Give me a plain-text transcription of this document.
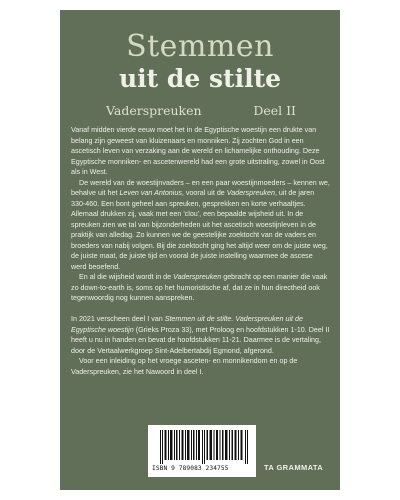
Stemmen
uit de stilte
Vaderspreuken	Deel II

Vanaf midden vierde eeuw moet het in de Egyptische woestijn een drukte van belang zijn geweest van kluizenaars en monniken. Zij zochten God in een ascetisch leven van verzaking aan de wereld en lichamelijke onthouding. Deze Egyptische monniken- en ascetenwereld had een grote uitstraling, zowel in Oost als in West.

De wereld van de woestijnvaders – en een paar woestijnmoeders – kennen we, behalve uit het Leven van Antonius, vooral uit de Vaderspreuken, uit de jaren 330-460. Een bont geheel aan spreuken, gesprekken en korte verhaaltjes. Allemaal drukken zij, vaak met een 'clou', een bepaalde wijsheid uit. In de spreuken zien we tal van bijzonderheden uit het ascetisch woestijnleven in de praktijk van alledag. Zo kunnen we de geestelijke zoektocht van de vaders en broeders van nabij volgen. Bij die zoektocht ging het altijd weer om de juiste weg, de juiste maat, de juiste tijd en vooral de juiste instelling waarmee de ascese werd beoefend.

En al die wijsheid wordt in de Vaderspreuken gebracht op een manier die vaak zo down-to-earth is, soms op het humoristische af, dat ze in hun directheid ook tegenwoordig nog kunnen aanspreken.

In 2021 verscheen deel I van Stemmen uit de stilte. Vaderspreuken uit de Egyptische woestijn (Grieks Proza 33), met Proloog en hoofdstukken 1-10. Deel II heeft u nu in handen en bevat de hoofdstukken 11-21. Daarmee is de vertaling, door de Vertaalwerkgroep Sint-Adelbertabdij Egmond, afgerond.

Voor een inleiding op het vroege asceten- en monnikendom en op de Vaderspreuken, zie het Nawoord in deel I.

ISBN 9 789083 234755	TA GRAMMATA
